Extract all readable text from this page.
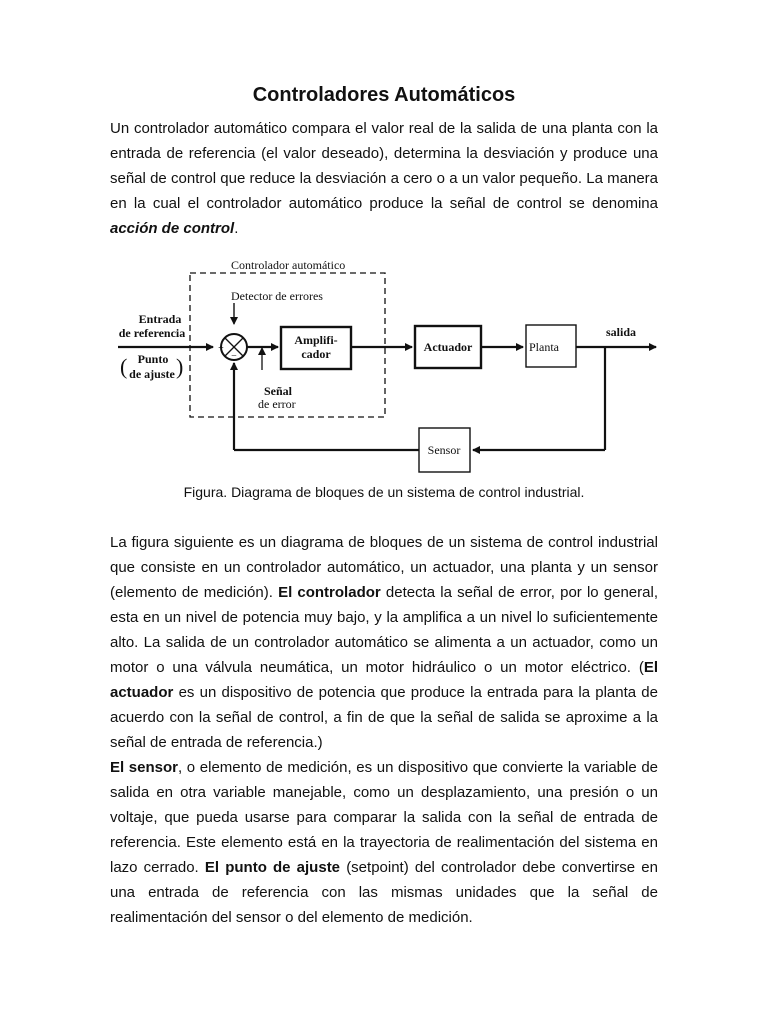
Controladores Automáticos

Un controlador automático compara el valor real de la salida de una planta con la entrada de referencia (el valor deseado), determina la desviación y produce una señal de control que reduce la desviación a cero o a un valor pequeño. La manera en la cual el controlador automático produce la señal de control se denomina acción de control.

Controlador automático
Detector de errores
Entrada
de referencia
( Punto
de ajuste )
+
−
Señal
de error
Amplifi-
cador	Actuador	Planta
salida
Sensor
Figura. Diagrama de bloques de un sistema de control industrial.

La figura siguiente es un diagrama de bloques de un sistema de control industrial que consiste en un controlador automático, un actuador, una planta y un sensor (elemento de medición). El controlador detecta la señal de error, por lo general, esta en un nivel de potencia muy bajo, y la amplifica a un nivel lo suficientemente alto. La salida de un controlador automático se alimenta a un actuador, como un motor o una válvula neumática, un motor hidráulico o un motor eléctrico. (El actuador es un dispositivo de potencia que produce la entrada para la planta de acuerdo con la señal de control, a fin de que la señal de salida se aproxime a la señal de entrada de referencia.)
El sensor, o elemento de medición, es un dispositivo que convierte la variable de salida en otra variable manejable, como un desplazamiento, una presión o un voltaje, que pueda usarse para comparar la salida con la señal de entrada de referencia. Este elemento está en la trayectoria de realimentación del sistema en lazo cerrado. El punto de ajuste (setpoint) del controlador debe convertirse en una entrada de referencia con las mismas unidades que la señal de realimentación del sensor o del elemento de medición.
